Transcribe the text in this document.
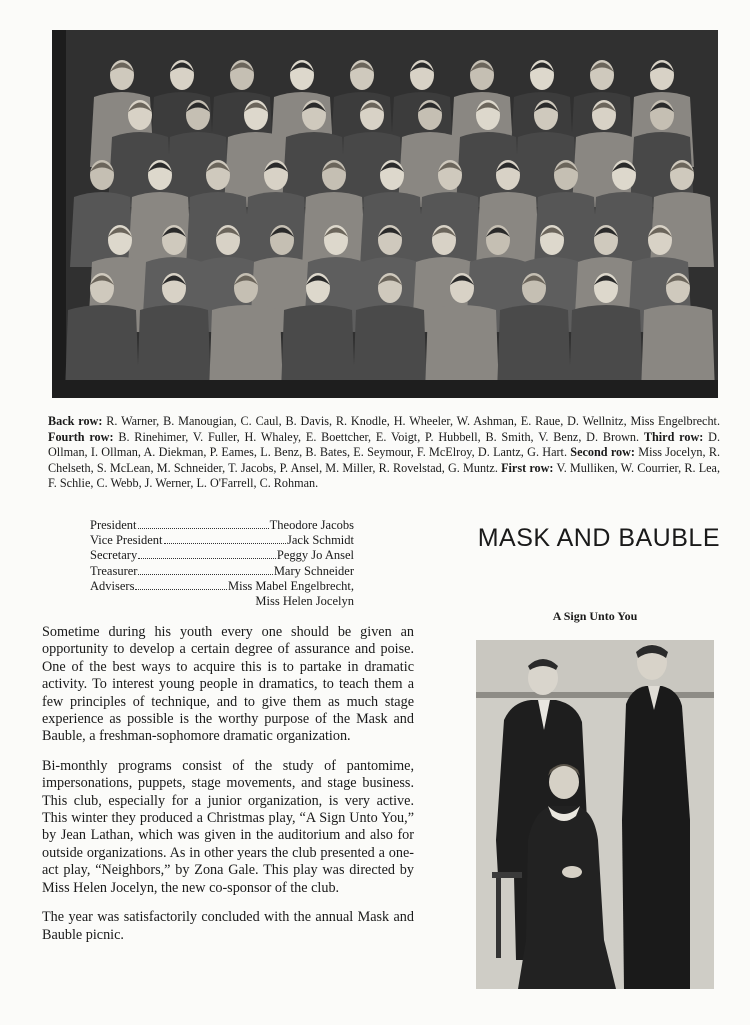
Back row: R. Warner, B. Manougian, C. Caul, B. Davis, R. Knodle, H. Wheeler, W. Ashman, E. Raue, D. Wellnitz, Miss Engelbrecht. Fourth row: B. Rinehimer, V. Fuller, H. Whaley, E. Boettcher, E. Voigt, P. Hubbell, B. Smith, V. Benz, D. Brown. Third row: D. Ollman, I. Ollman, A. Diekman, P. Eames, L. Benz, B. Bates, E. Seymour, F. McElroy, D. Lantz, G. Hart. Second row: Miss Jocelyn, R. Chelseth, S. McLean, M. Schneider, T. Jacobs, P. Ansel, M. Miller, R. Rovelstad, G. Muntz. First row: V. Mulliken, W. Courrier, R. Lea, F. Schlie, C. Webb, J. Werner, L. O'Farrell, C. Rohman.
President	Theodore Jacobs
Vice President	Jack Schmidt
Secretary	Peggy Jo Ansel
Treasurer	Mary Schneider
Advisers	Miss Mabel Engelbrecht,
Miss Helen Jocelyn
MASK AND BAUBLE
A Sign Unto You

Sometime during his youth every one should be given an opportunity to develop a certain degree of assurance and poise. One of the best ways to acquire this is to partake in dramatic activity. To interest young people in dramatics, to teach them a few principles of technique, and to give them as much stage experience as possible is the worthy purpose of the Mask and Bauble, a freshman-sophomore dramatic organization.

Bi-monthly programs consist of the study of pantomime, impersonations, puppets, stage movements, and stage business. This club, especially for a junior organization, is very active. This winter they produced a Christmas play, “A Sign Unto You,” by Jean Lathan, which was given in the auditorium and also for outside organizations. As in other years the club presented a one-act play, “Neighbors,” by Zona Gale. This play was directed by Miss Helen Jocelyn, the new co-sponsor of the club.

The year was satisfactorily concluded with the annual Mask and Bauble picnic.
